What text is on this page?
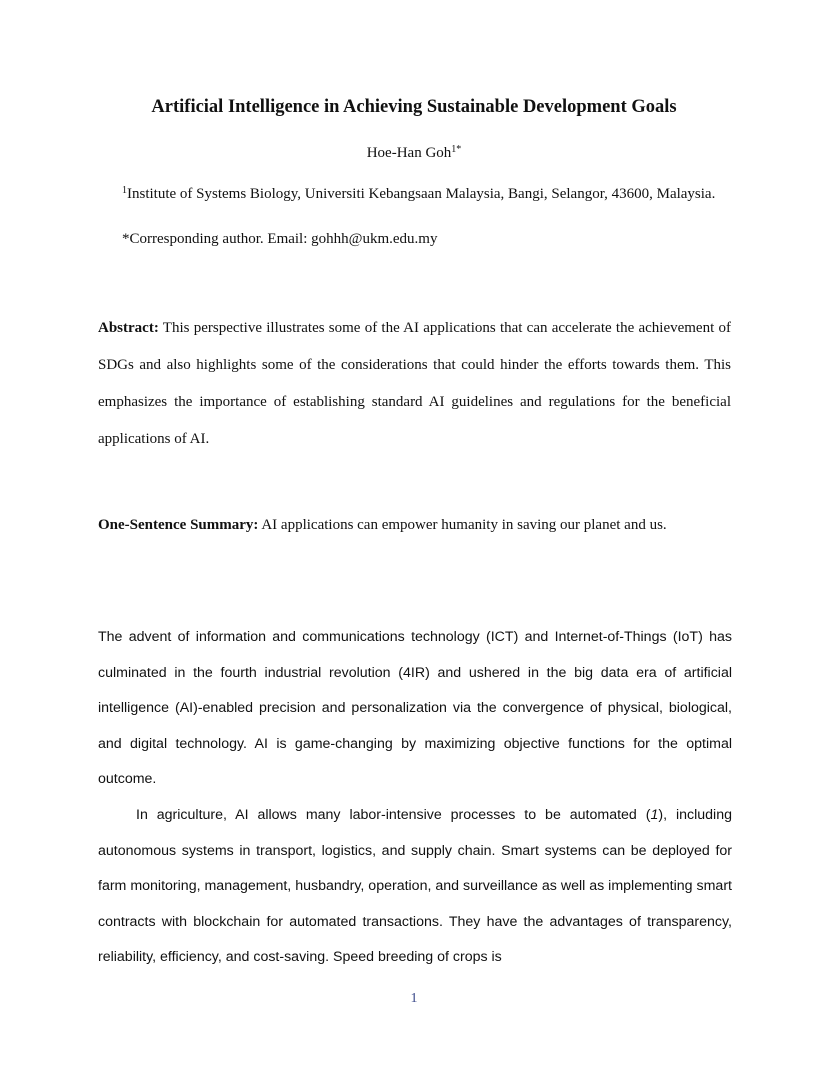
Artificial Intelligence in Achieving Sustainable Development Goals
Hoe-Han Goh$^{1*}$
$^1$Institute of Systems Biology, Universiti Kebangsaan Malaysia, Bangi, Selangor, 43600, Malaysia.
*Corresponding author. Email: gohhh@ukm.edu.my
Abstract: This perspective illustrates some of the AI applications that can accelerate the achievement of SDGs and also highlights some of the considerations that could hinder the efforts towards them. This emphasizes the importance of establishing standard AI guidelines and regulations for the beneficial applications of AI.
One-Sentence Summary: AI applications can empower humanity in saving our planet and us.
The advent of information and communications technology (ICT) and Internet-of-Things (IoT) has culminated in the fourth industrial revolution (4IR) and ushered in the big data era of artificial intelligence (AI)-enabled precision and personalization via the convergence of physical, biological, and digital technology. AI is game-changing by maximizing objective functions for the optimal outcome.
In agriculture, AI allows many labor-intensive processes to be automated (1), including autonomous systems in transport, logistics, and supply chain. Smart systems can be deployed for farm monitoring, management, husbandry, operation, and surveillance as well as implementing smart contracts with blockchain for automated transactions. They have the advantages of transparency, reliability, efficiency, and cost-saving. Speed breeding of crops is
1
